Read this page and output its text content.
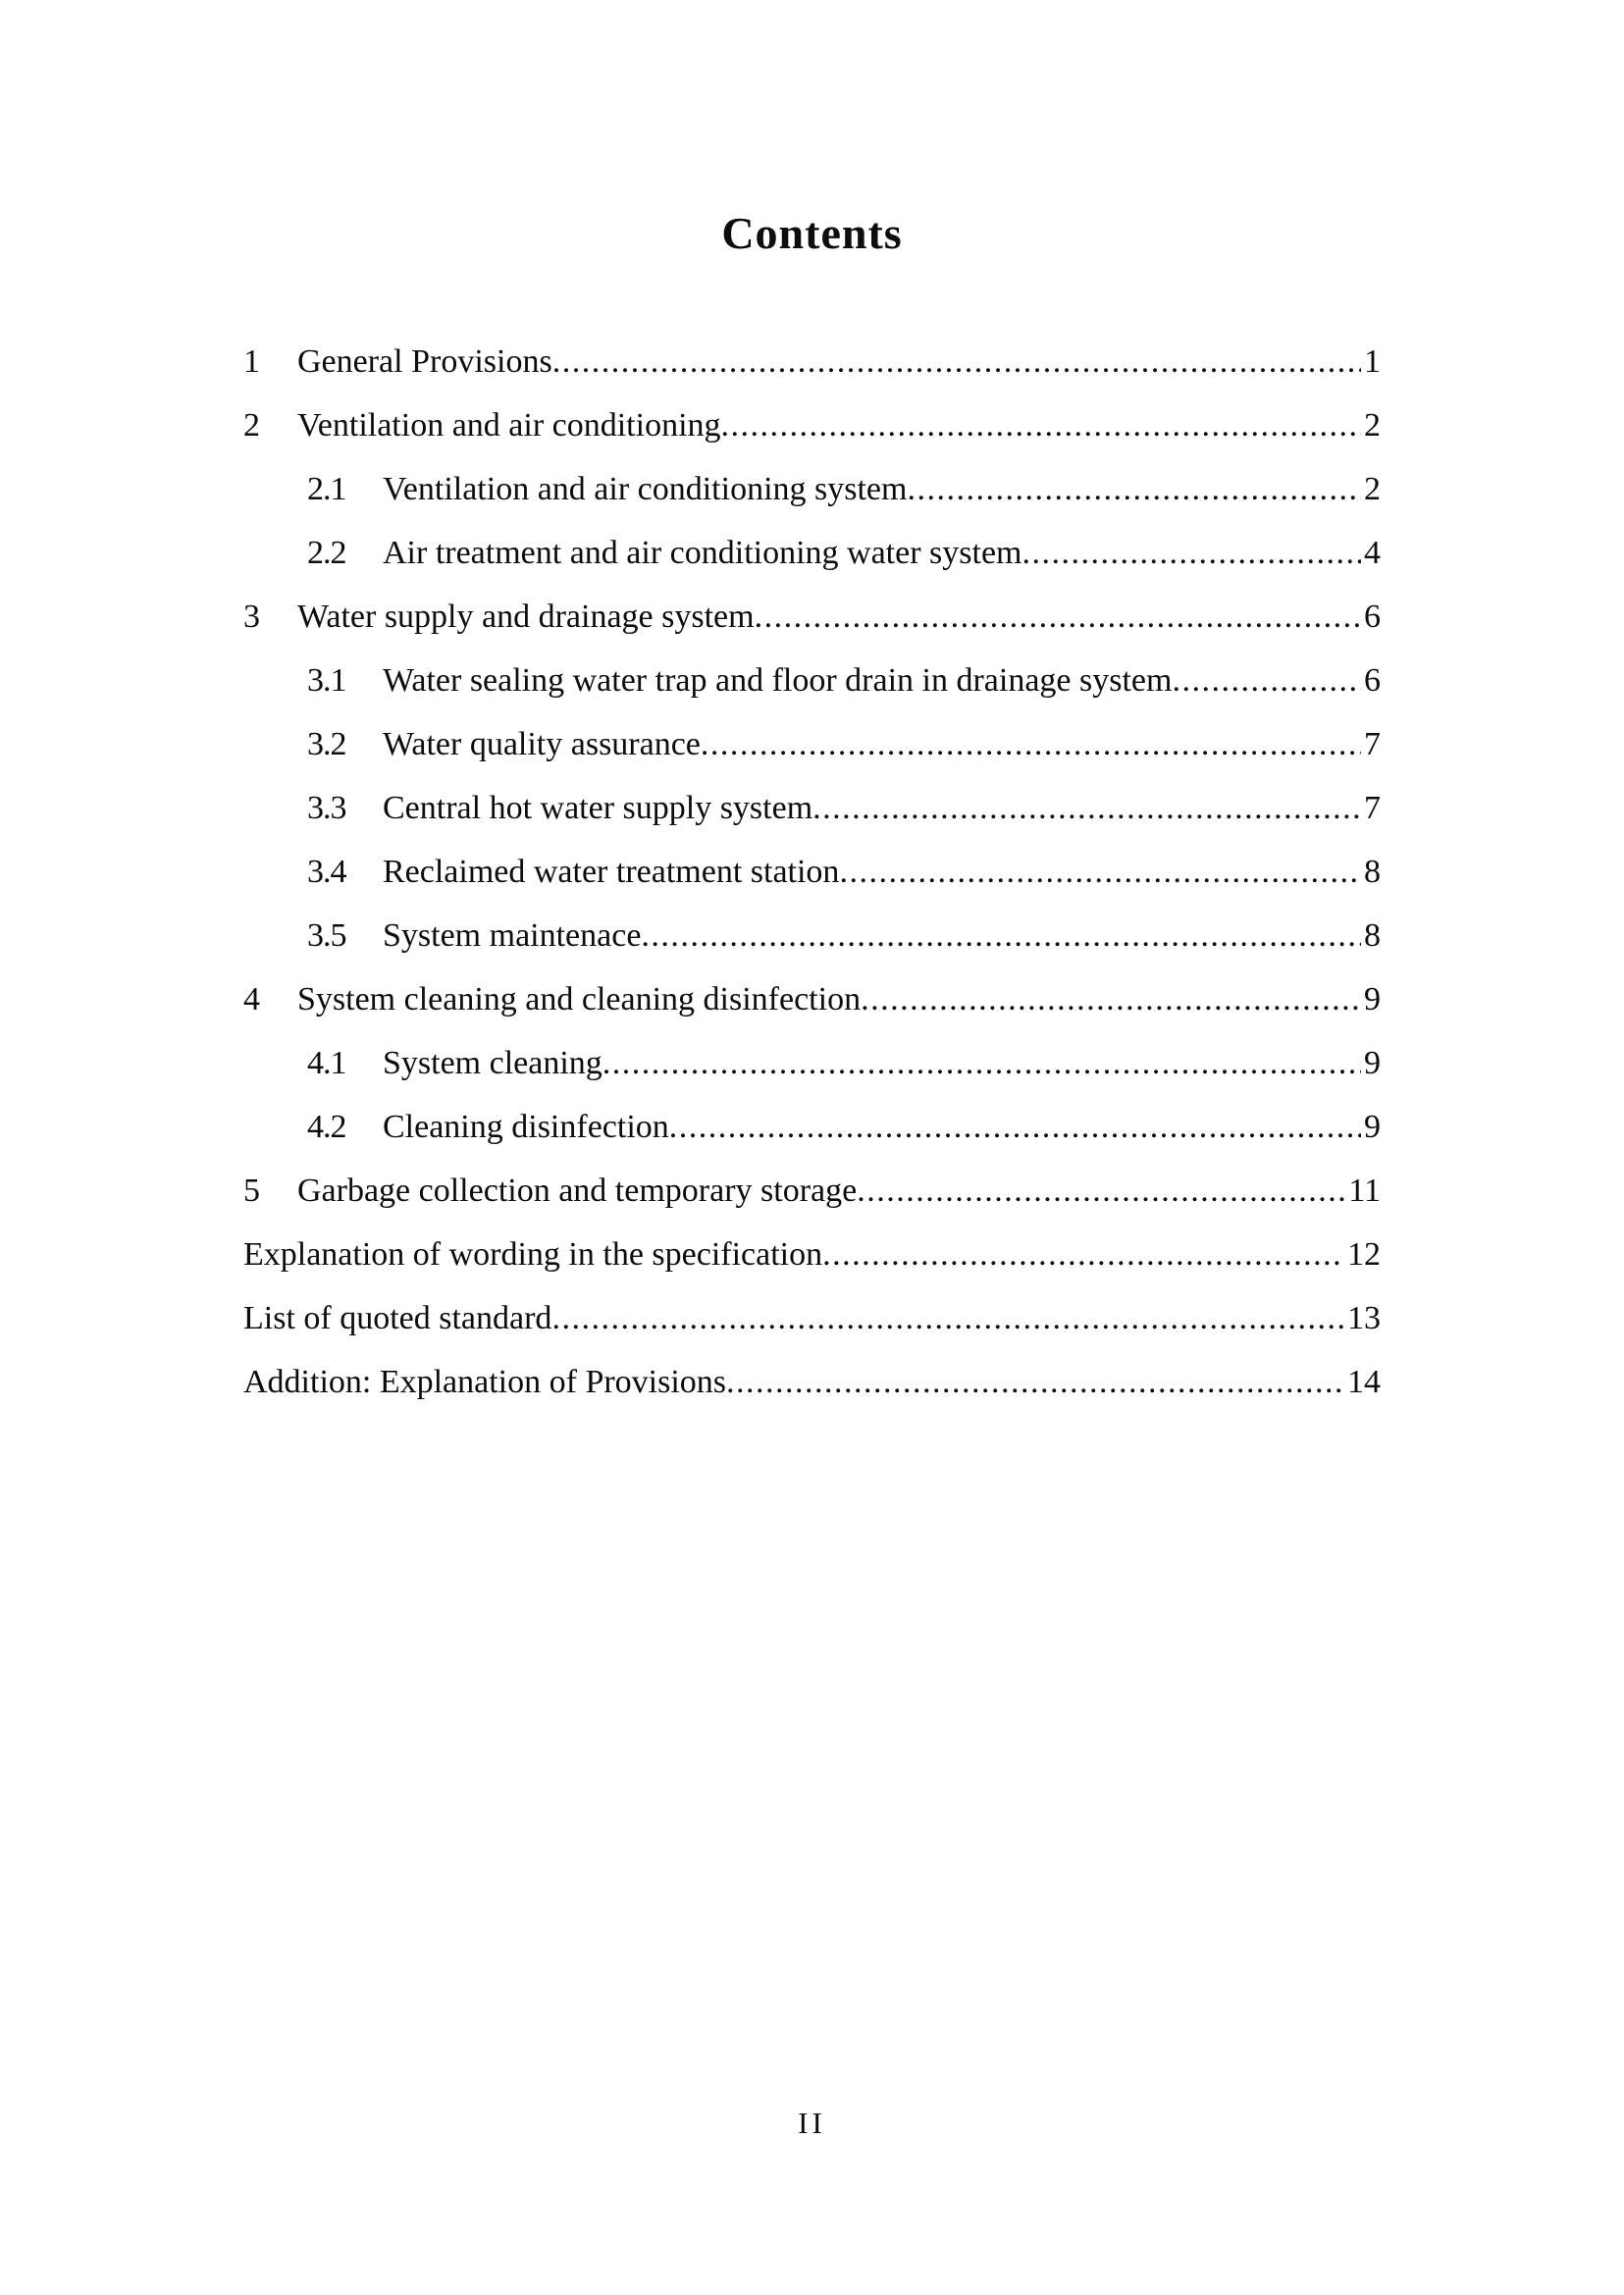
Contents
1	General Provisions .....	1
2	Ventilation and air conditioning .....	2
2.1	Ventilation and air conditioning system .....	2
2.2	Air treatment and air conditioning water system .....	4
3	Water supply and drainage system .....	6
3.1	Water sealing water trap and floor drain in drainage system .....	6
3.2	Water quality assurance .....	7
3.3	Central hot water supply system .....	7
3.4	Reclaimed water treatment station .....	8
3.5	System maintenace .....	8
4	System cleaning and cleaning disinfection .....	9
4.1	System cleaning .....	9
4.2	Cleaning disinfection .....	9
5	Garbage collection and temporary storage .....	11
Explanation of wording in the specification .....	12
List of quoted standard .....	13
Addition: Explanation of Provisions .....	14
II
